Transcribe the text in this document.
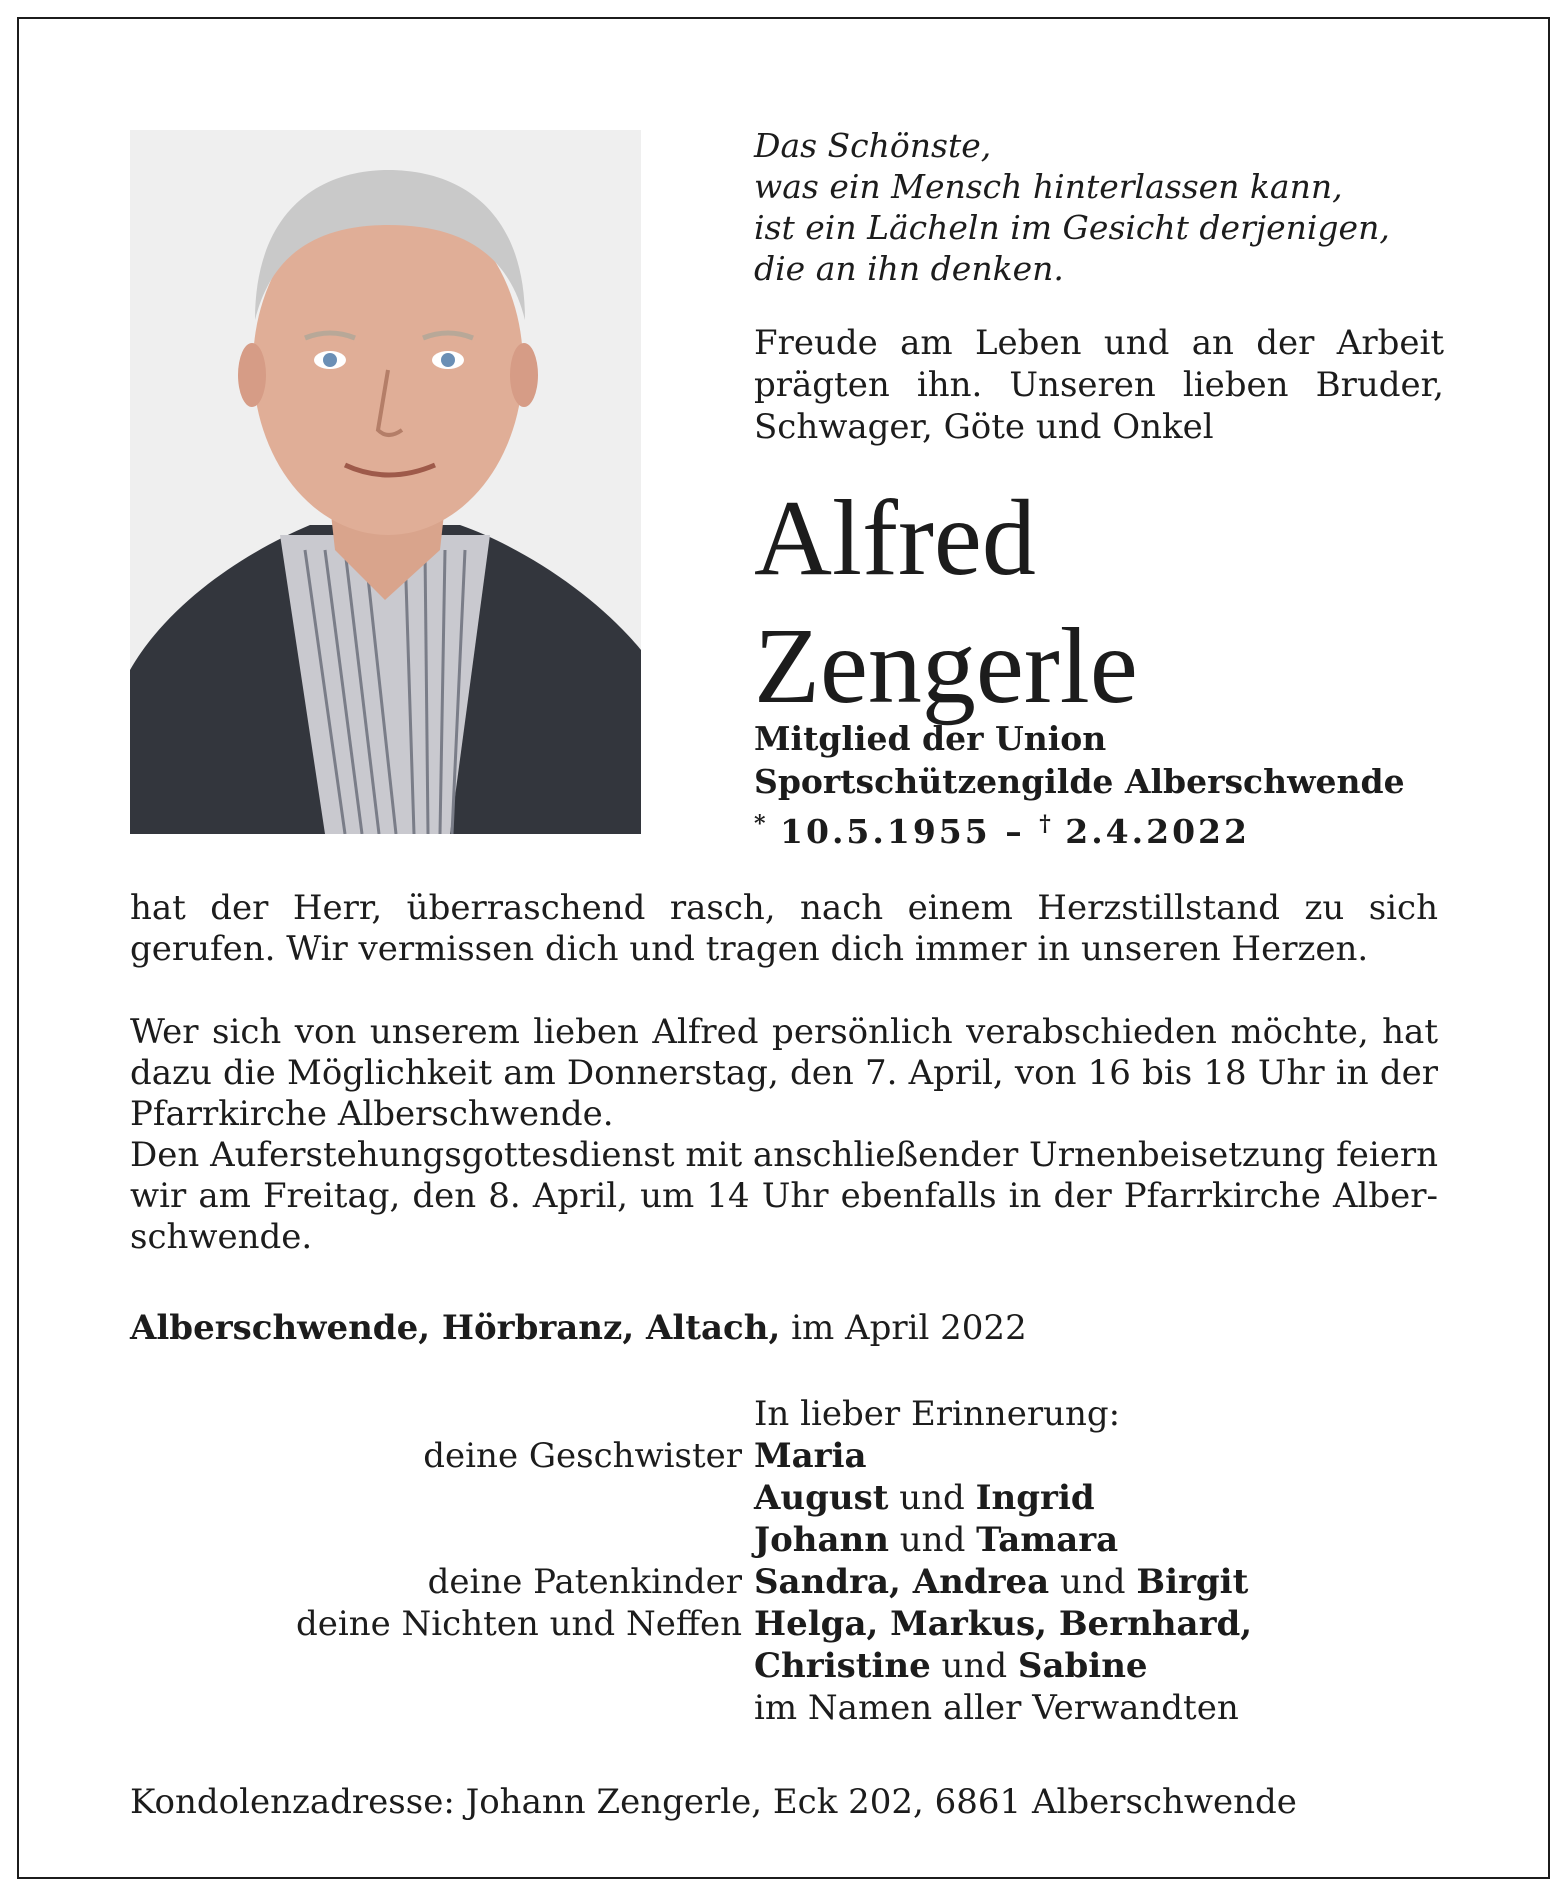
Das Schönste,
was ein Mensch hinterlassen kann,
ist ein Lächeln im Gesicht derjenigen,
die an ihn denken.
Freude am Leben und an der Arbeit prägten ihn. Unseren lieben Bruder, Schwager, Göte und Onkel
Alfred
Zengerle
Mitglied der Union
Sportschützengilde Alberschwende
* 10.5.1955 – † 2.4.2022
hat der Herr, überraschend rasch, nach einem Herzstillstand zu sich gerufen. Wir vermissen dich und tragen dich immer in unseren Herzen.
Wer sich von unserem lieben Alfred persönlich verabschieden möchte, hat dazu die Möglichkeit am Donnerstag, den 7. April, von 16 bis 18 Uhr in der Pfarrkirche Alberschwende.
Den Auferstehungsgottesdienst mit anschließender Urnenbeisetzung feiern wir am Freitag, den 8. April, um 14 Uhr ebenfalls in der Pfarrkirche Alber-schwende.
Alberschwende, Hörbranz, Altach, im April 2022
In lieber Erinnerung:
deine Geschwister Maria
August und Ingrid
Johann und Tamara
deine Patenkinder Sandra, Andrea und Birgit
deine Nichten und Neffen Helga, Markus, Bernhard,
Christine und Sabine
im Namen aller Verwandten
Kondolenzadresse: Johann Zengerle, Eck 202, 6861 Alberschwende
